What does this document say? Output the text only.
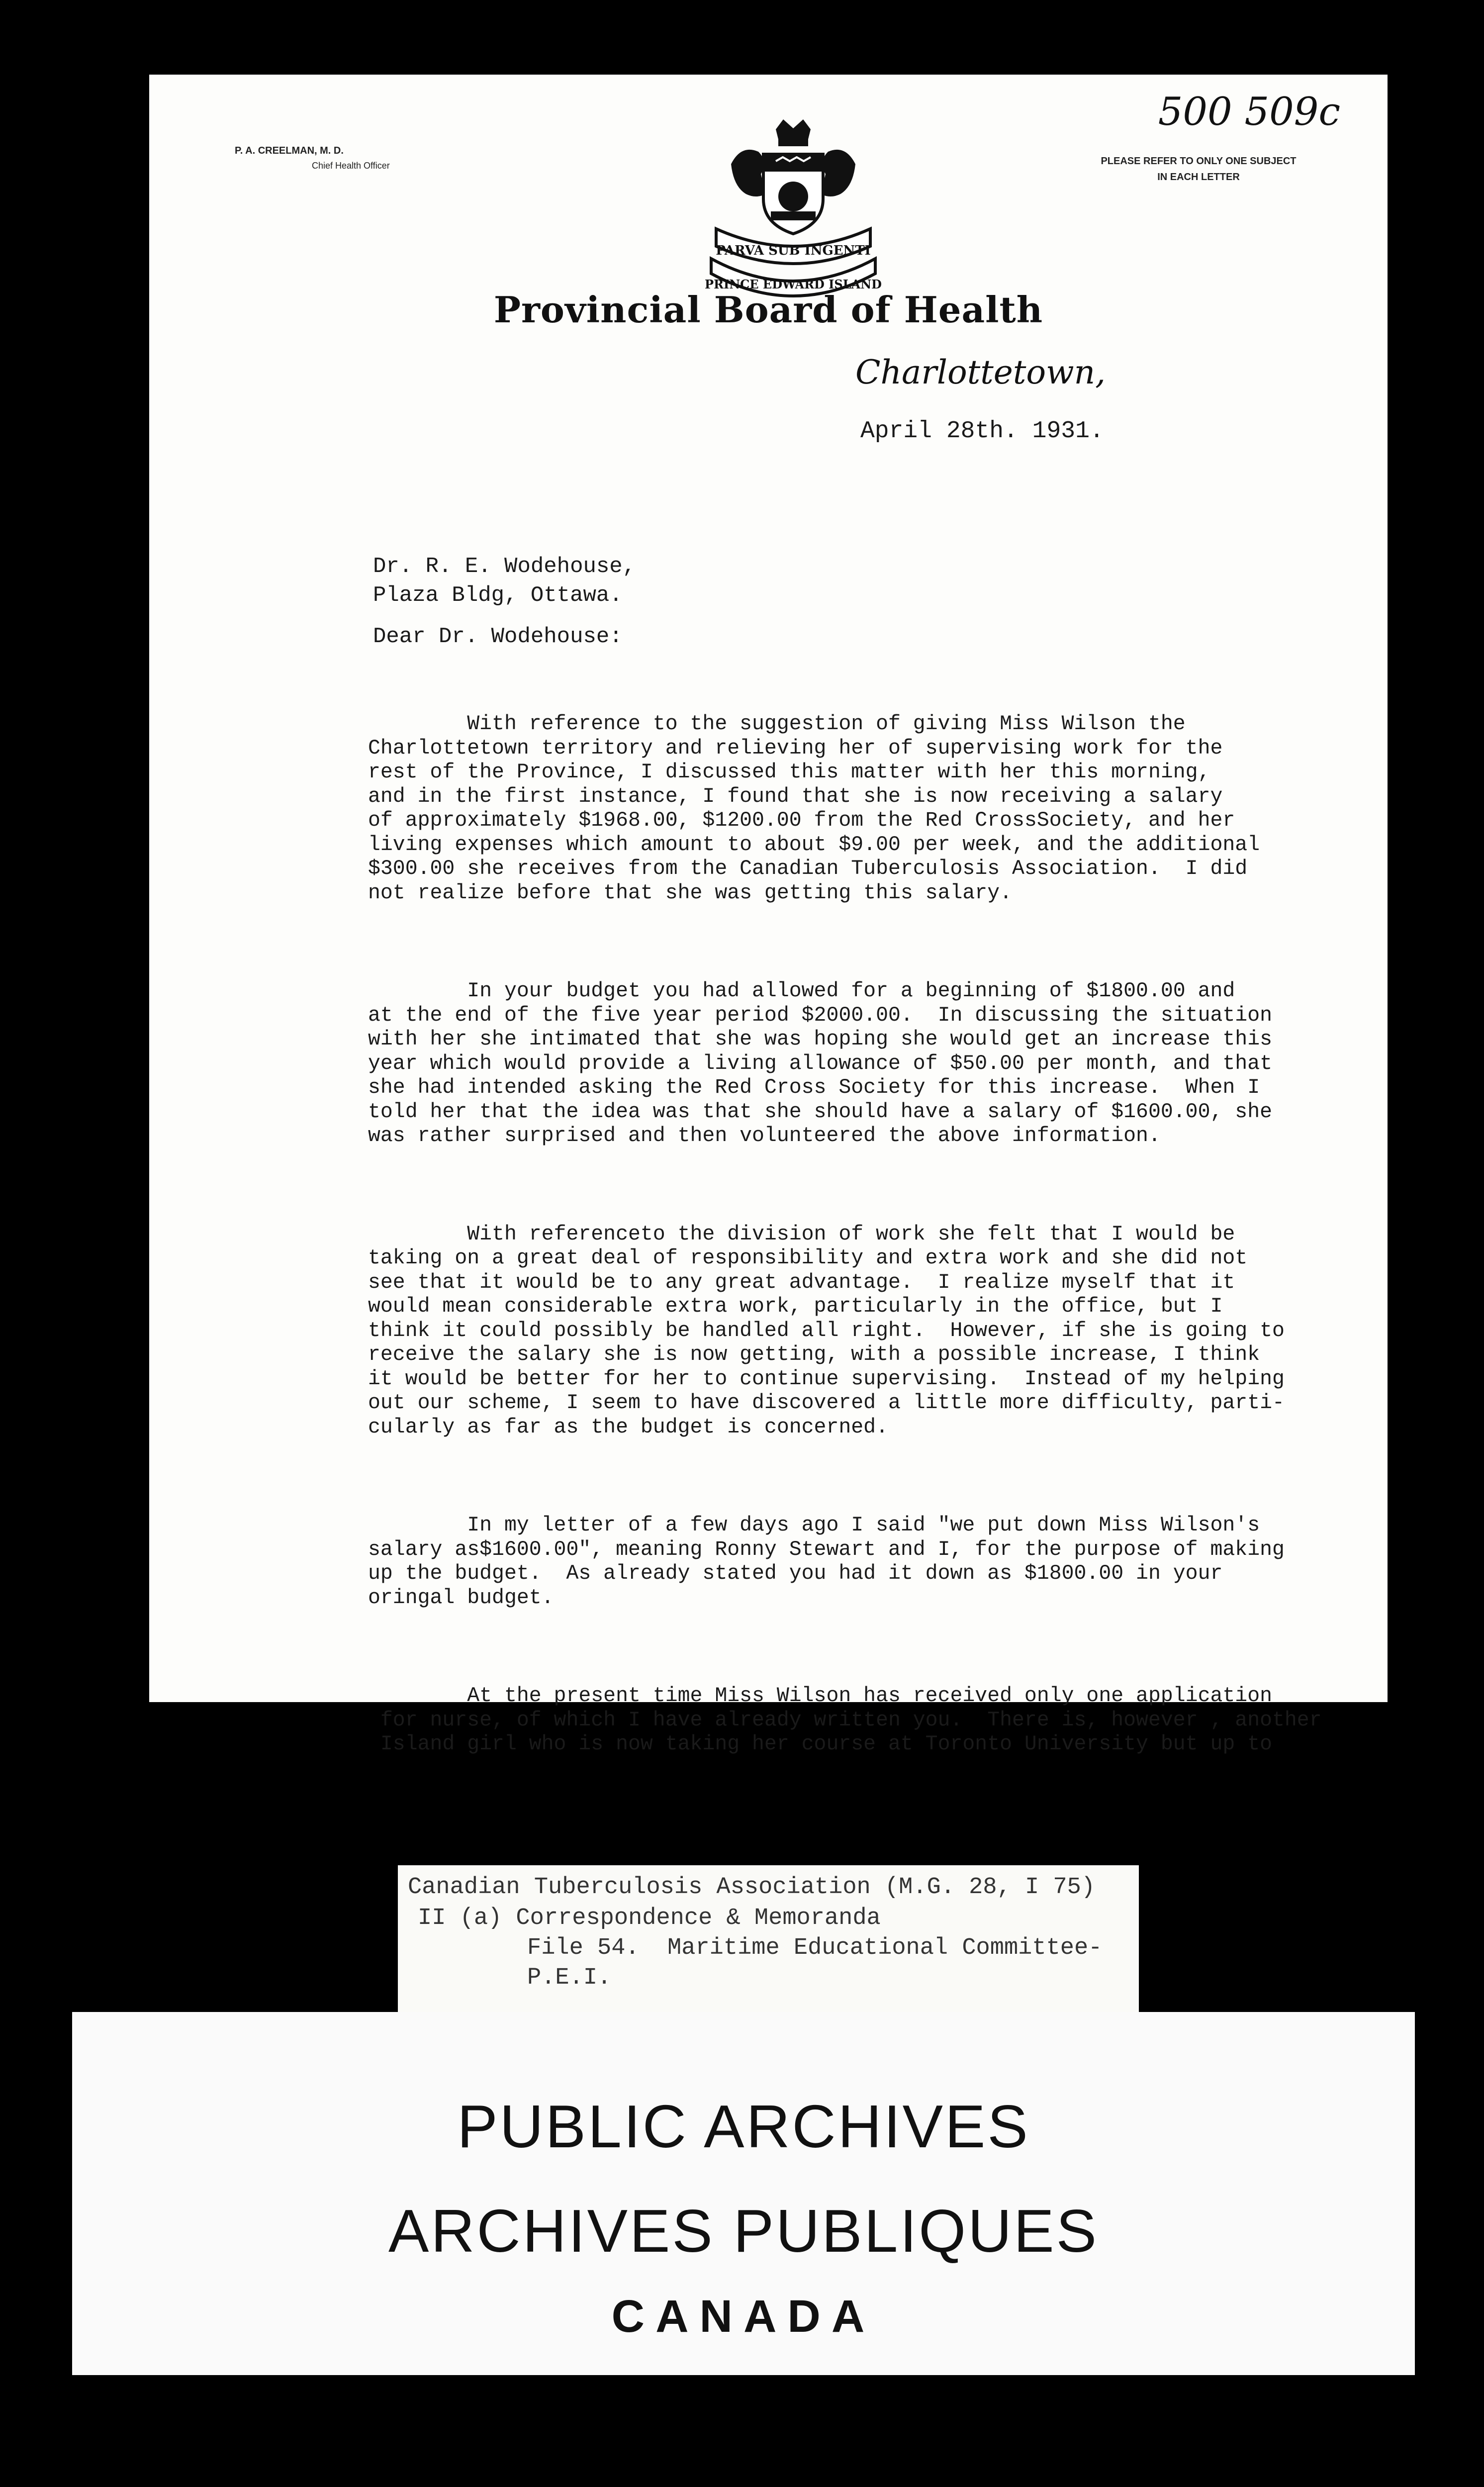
P. A. CREELMAN, M. D.
Chief Health Officer	PLEASE REFER TO ONLY ONE SUBJECT
IN EACH LETTER
500 509c
PARVA SUB INGENTI
PRINCE EDWARD ISLAND
Provincial Board of Health
Charlottetown,
April 28th. 1931.
Dr. R. E. Wodehouse,
Plaza Bldg, Ottawa.
Dear Dr. Wodehouse:

With reference to the suggestion of giving Miss Wilson the
Charlottetown territory and relieving her of supervising work for the
rest of the Province, I discussed this matter with her this morning,
and in the first instance, I found that she is now receiving a salary
of approximately $1968.00, $1200.00 from the Red CrossSociety, and her
living expenses which amount to about $9.00 per week, and the additional
$300.00 she receives from the Canadian Tuberculosis Association.  I did
not realize before that she was getting this salary.

In your budget you had allowed for a beginning of $1800.00 and
at the end of the five year period $2000.00.  In discussing the situation
with her she intimated that she was hoping she would get an increase this
year which would provide a living allowance of $50.00 per month, and that
she had intended asking the Red Cross Society for this increase.  When I
told her that the idea was that she should have a salary of $1600.00, she
was rather surprised and then volunteered the above information.

With referenceto the division of work she felt that I would be
taking on a great deal of responsibility and extra work and she did not
see that it would be to any great advantage.  I realize myself that it
would mean considerable extra work, particularly in the office, but I
think it could possibly be handled all right.  However, if she is going to
receive the salary she is now getting, with a possible increase, I think
it would be better for her to continue supervising.  Instead of my helping
out our scheme, I seem to have discovered a little more difficulty, parti-
cularly as far as the budget is concerned.

In my letter of a few days ago I said "we put down Miss Wilson's
salary as$1600.00", meaning Ronny Stewart and I, for the purpose of making
up the budget.  As already stated you had it down as $1800.00 in your
oringal budget.

At the present time Miss Wilson has received only one application
for nurse, of which I have already written you.  There is, however , another
Island girl who is now taking her course at Toronto University but up to

Canadian Tuberculosis Association (M.G. 28, I 75)
II (a) Correspondence & Memoranda
File 54.  Maritime Educational Committee-
P.E.I.
PUBLIC ARCHIVES
ARCHIVES PUBLIQUES
CANADA
